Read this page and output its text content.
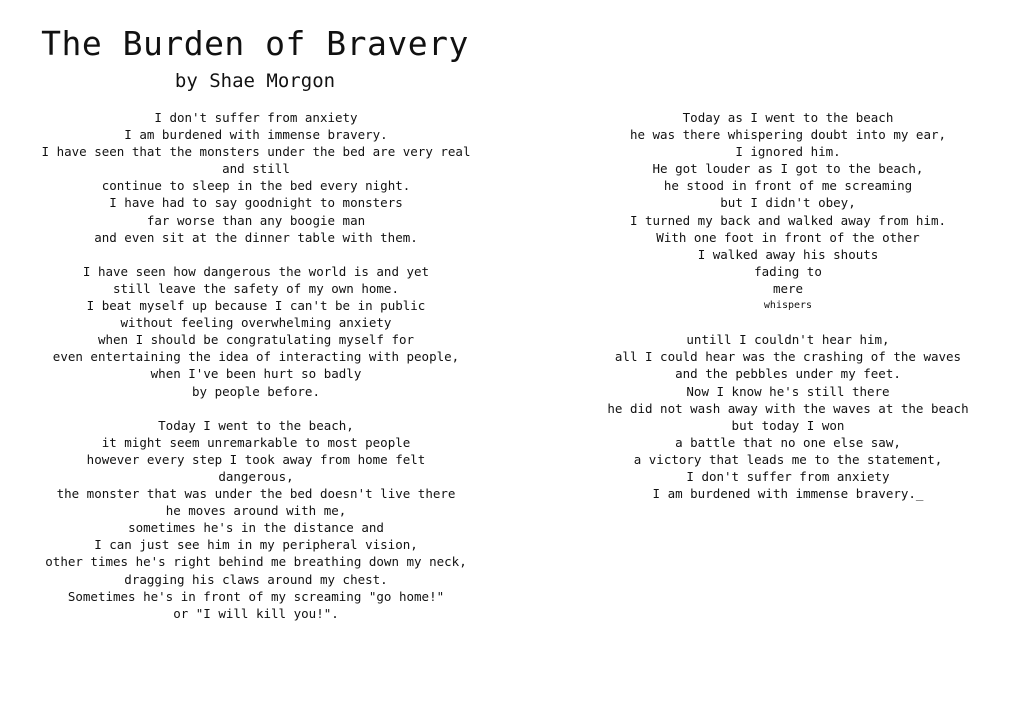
The Burden of Bravery
by Shae Morgon
I don't suffer from anxiety
I am burdened with immense bravery.
I have seen that the monsters under the bed are very real
and still
continue to sleep in the bed every night.
I have had to say goodnight to monsters
far worse than any boogie man
and even sit at the dinner table with them.
I have seen how dangerous the world is and yet
still leave the safety of my own home.
I beat myself up because I can't be in public
without feeling overwhelming anxiety
when I should be congratulating myself for
even entertaining the idea of interacting with people,
when I've been hurt so badly
by people before.
Today I went to the beach,
it might seem unremarkable to most people
however every step I took away from home felt
dangerous,
the monster that was under the bed doesn't live there
he moves around with me,
sometimes he's in the distance and
I can just see him in my peripheral vision,
other times he's right behind me breathing down my neck,
dragging his claws around my chest.
Sometimes he's in front of my screaming "go home!"
or "I will kill you!".
Today as I went to the beach
he was there whispering doubt into my ear,
I ignored him.
He got louder as I got to the beach,
he stood in front of me screaming
but I didn't obey,
I turned my back and walked away from him.
With one foot in front of the other
I walked away his shouts
fading to
mere
whispers
untill I couldn't hear him,
all I could hear was the crashing of the waves
and the pebbles under my feet.
Now I know he's still there
he did not wash away with the waves at the beach
but today I won
a battle that no one else saw,
a victory that leads me to the statement,
I don't suffer from anxiety
I am burdened with immense bravery._
